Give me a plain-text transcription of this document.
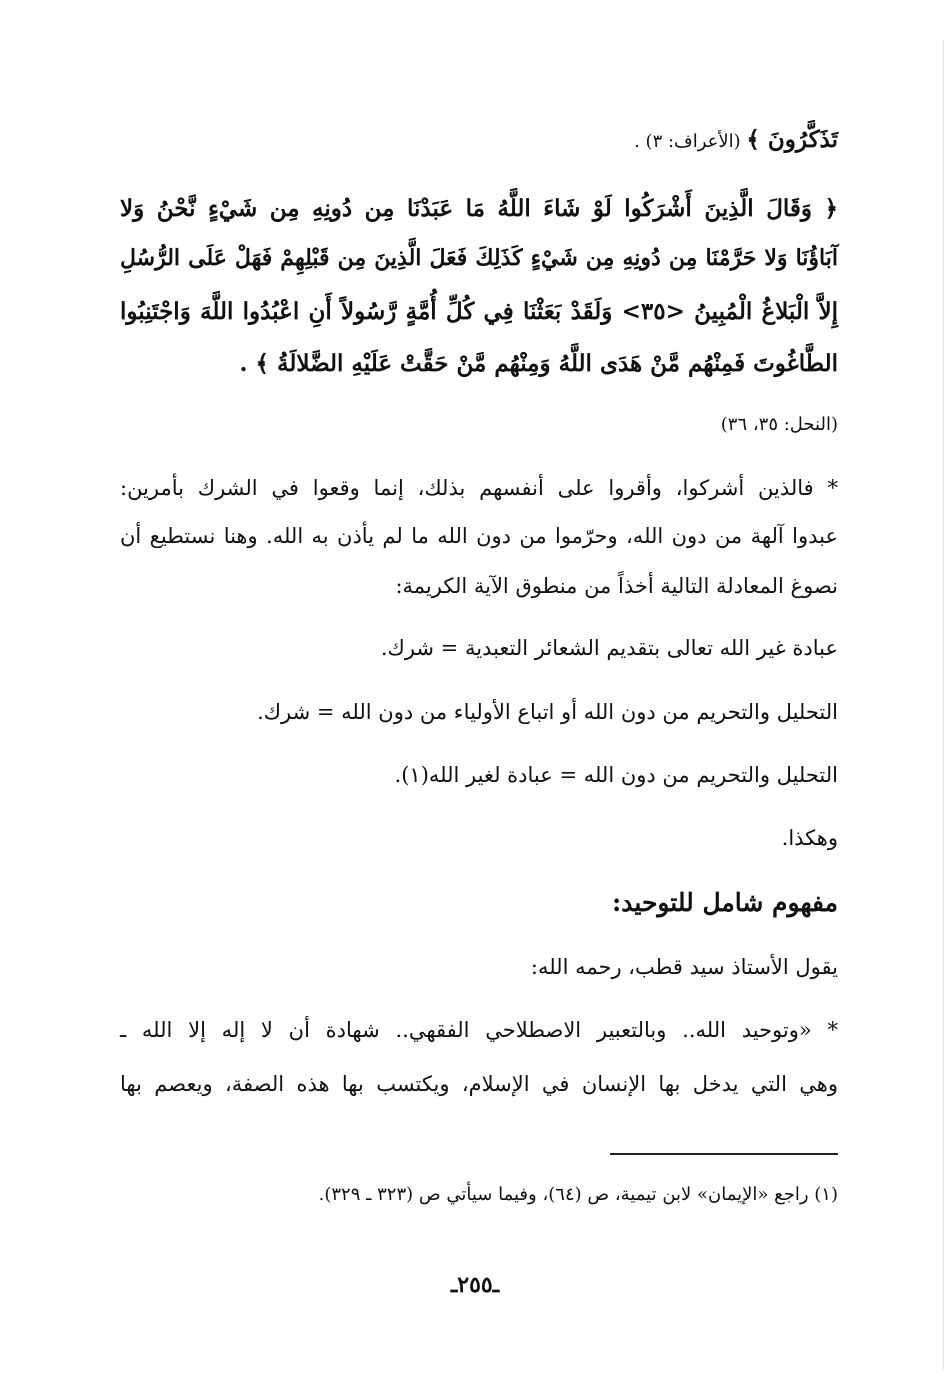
تَذَكَّرُونَ ﴾ (الأعراف: ٣) .

﴿ وَقَالَ الَّذِينَ أَشْرَكُوا لَوْ شَاءَ اللَّهُ مَا عَبَدْنَا مِن دُونِهِ مِن شَيْءٍ نَّحْنُ وَلا

آبَاؤُنَا وَلا حَرَّمْنَا مِن دُونِهِ مِن شَيْءٍ كَذَلِكَ فَعَلَ الَّذِينَ مِن قَبْلِهِمْ فَهَلْ عَلَى الرُّسُلِ

إِلاَّ الْبَلاغُ الْمُبِينُ <٣٥> وَلَقَدْ بَعَثْنَا فِي كُلِّ أُمَّةٍ رَّسُولاً أَنِ اعْبُدُوا اللَّهَ وَاجْتَنِبُوا

الطَّاغُوتَ فَمِنْهُم مَّنْ هَدَى اللَّهُ وَمِنْهُم مَّنْ حَقَّتْ عَلَيْهِ الضَّلالَةُ ﴾ .

(النحل: ٣٥، ٣٦)

* فالذين أشركوا، وأقروا على أنفسهم بذلك، إنما وقعوا في الشرك بأمرين:

عبدوا آلهة من دون الله، وحرّموا من دون الله ما لم يأذن به الله. وهنا نستطيع أن

نصوغ المعادلة التالية أخذاً من منطوق الآية الكريمة:

عبادة غير الله تعالى بتقديم الشعائر التعبدية = شرك.

التحليل والتحريم من دون الله أو اتباع الأولياء من دون الله = شرك.

التحليل والتحريم من دون الله = عبادة لغير الله(١).

وهكذا.

مفهوم شامل للتوحيد:

يقول الأستاذ سيد قطب، رحمه الله:

* «وتوحيد الله.. وبالتعبير الاصطلاحي الفقهي.. شهادة أن لا إله إلا الله ـ

وهي التي يدخل بها الإنسان في الإسلام، ويكتسب بها هذه الصفة، ويعصم بها

(١) راجع «الإيمان» لابن تيمية، ص (٦٤)، وفيما سيأتي ص (٣٢٣ ـ ٣٢٩).

ـ٢٥٥ـ
